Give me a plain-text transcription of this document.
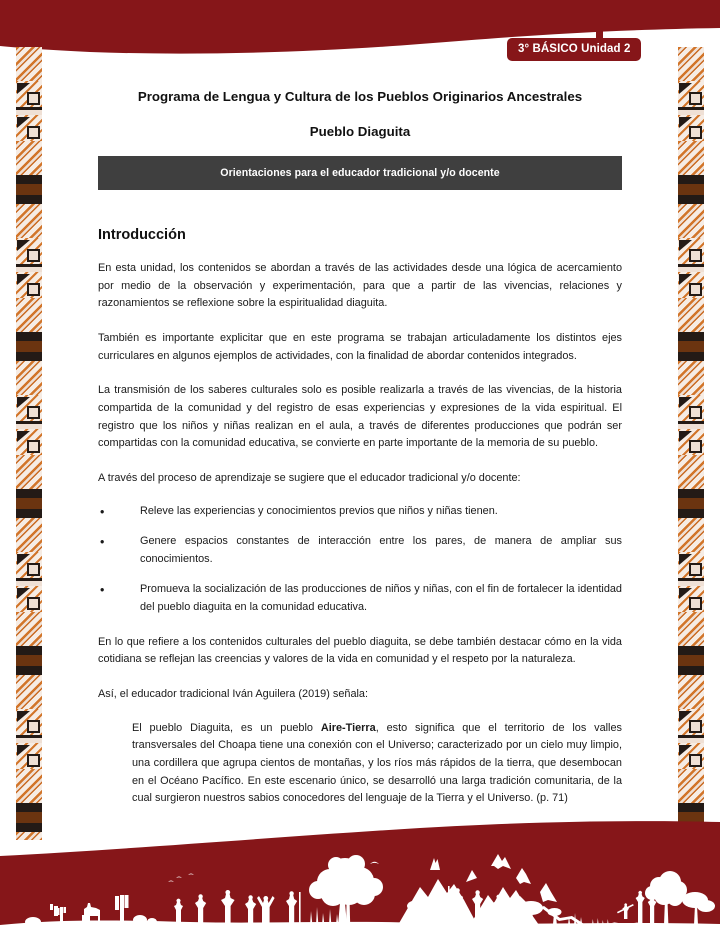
3° BÁSICO Unidad 2
Programa de Lengua y Cultura de los Pueblos Originarios Ancestrales
Pueblo Diaguita
Orientaciones para el educador tradicional y/o docente
Introducción

En esta unidad, los contenidos se abordan a través de las actividades desde una lógica de acercamiento por medio de la observación y experimentación, para que a partir de las vivencias, relaciones y razonamientos se reflexione sobre la espiritualidad diaguita.

También es importante explicitar que en este programa se trabajan articuladamente los distintos ejes curriculares en algunos ejemplos de actividades, con la finalidad de abordar contenidos integrados.

La transmisión de los saberes culturales solo es posible realizarla a través de las vivencias, de la historia compartida de la comunidad y del registro de esas experiencias y expresiones de la vida espiritual. El registro que los niños y niñas realizan en el aula, a través de diferentes producciones que podrán ser compartidas con la comunidad educativa, se convierte en parte importante de la memoria de su pueblo.

A través del proceso de aprendizaje se sugiere que el educador tradicional y/o docente:

• Releve las experiencias y conocimientos previos que niños y niñas tienen.
• Genere espacios constantes de interacción entre los pares, de manera de ampliar sus conocimientos.
• Promueva la socialización de las producciones de niños y niñas, con el fin de fortalecer la identidad del pueblo diaguita en la comunidad educativa.

En lo que refiere a los contenidos culturales del pueblo diaguita, se debe también destacar cómo en la vida cotidiana se reflejan las creencias y valores de la vida en comunidad y el respeto por la naturaleza.

Así, el educador tradicional Iván Aguilera (2019) señala:

El pueblo Diaguita, es un pueblo Aire-Tierra, esto significa que el territorio de los valles transversales del Choapa tiene una conexión con el Universo; caracterizado por un cielo muy limpio, una cordillera que agrupa cientos de montañas, y los ríos más rápidos de la tierra, que desembocan en el Océano Pacífico. En este escenario único, se desarrolló una larga tradición comunitaria, de la cual surgieron nuestros sabios conocedores del lenguaje de la Tierra y el Universo. (p. 71)
